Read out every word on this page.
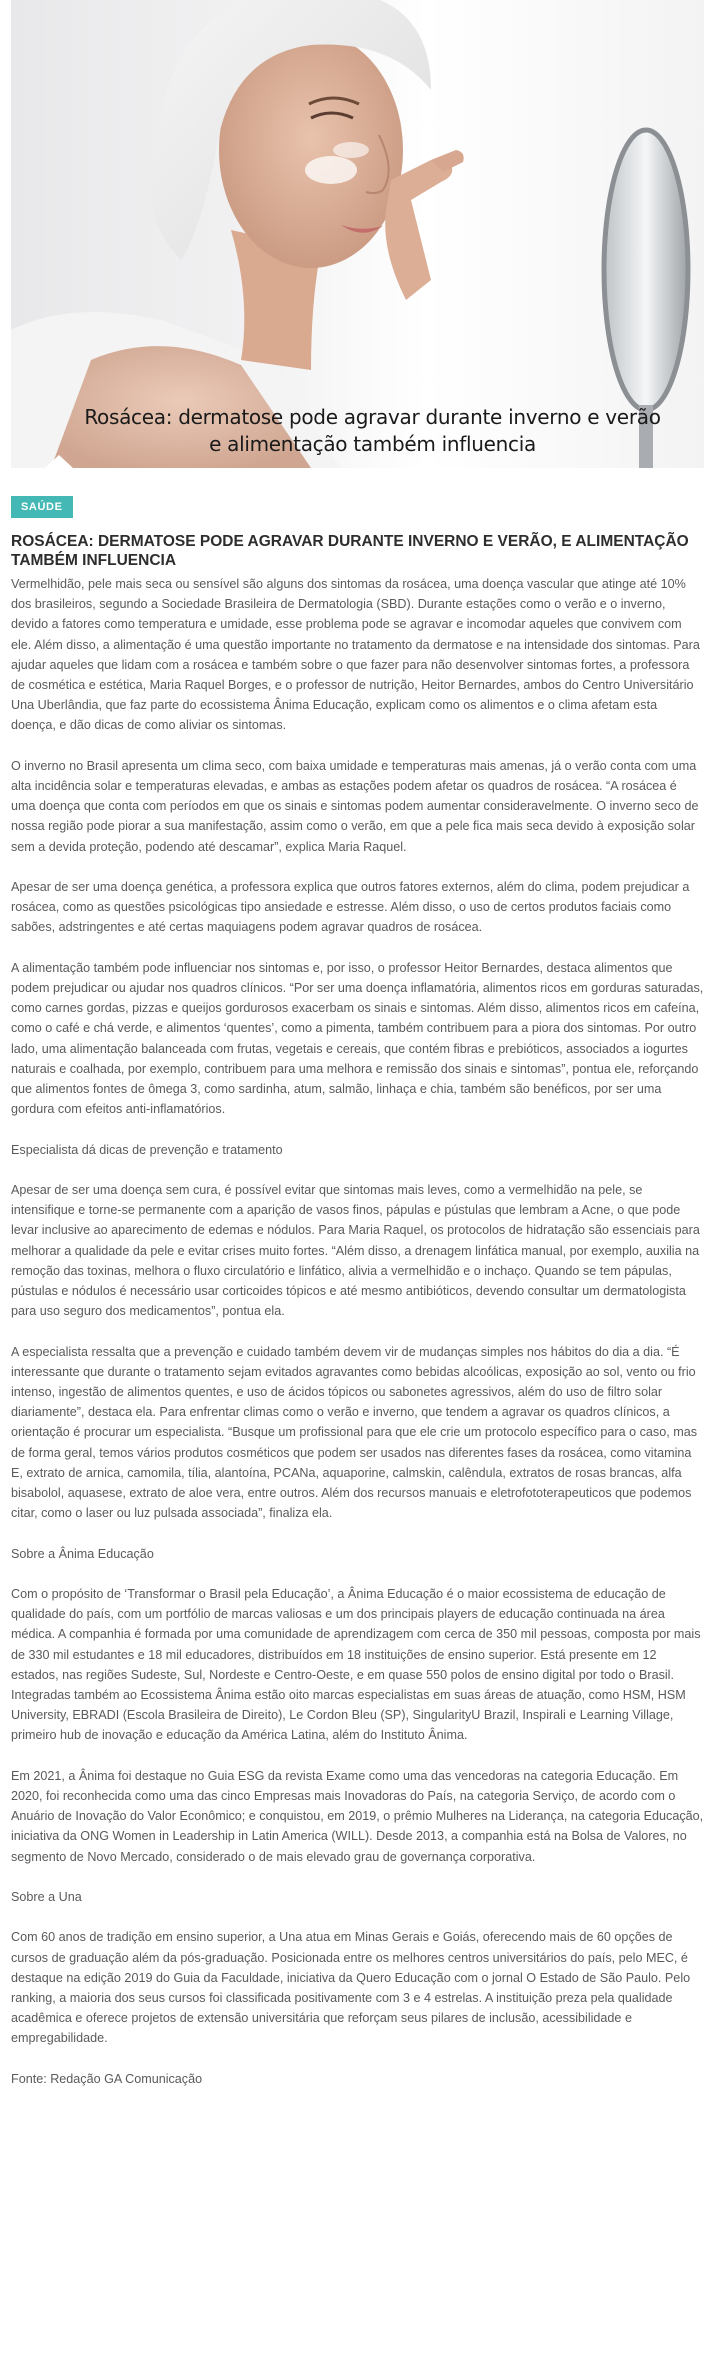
Rosácea: dermatose pode agravar durante inverno e verão
e alimentação também influencia
SAÚDE
ROSÁCEA: DERMATOSE PODE AGRAVAR DURANTE INVERNO E VERÃO, E ALIMENTAÇÃO TAMBÉM INFLUENCIA

Vermelhidão, pele mais seca ou sensível são alguns dos sintomas da rosácea, uma doença vascular que atinge até 10% dos brasileiros, segundo a Sociedade Brasileira de Dermatologia (SBD). Durante estações como o verão e o inverno, devido a fatores como temperatura e umidade, esse problema pode se agravar e incomodar aqueles que convivem com ele. Além disso, a alimentação é uma questão importante no tratamento da dermatose e na intensidade dos sintomas. Para ajudar aqueles que lidam com a rosácea e também sobre o que fazer para não desenvolver sintomas fortes, a professora de cosmética e estética, Maria Raquel Borges, e o professor de nutrição, Heitor Bernardes, ambos do Centro Universitário Una Uberlândia, que faz parte do ecossistema Ânima Educação, explicam como os alimentos e o clima afetam esta doença, e dão dicas de como aliviar os sintomas.

O inverno no Brasil apresenta um clima seco, com baixa umidade e temperaturas mais amenas, já o verão conta com uma alta incidência solar e temperaturas elevadas, e ambas as estações podem afetar os quadros de rosácea. “A rosácea é uma doença que conta com períodos em que os sinais e sintomas podem aumentar consideravelmente. O inverno seco de nossa região pode piorar a sua manifestação, assim como o verão, em que a pele fica mais seca devido à exposição solar sem a devida proteção, podendo até descamar”, explica Maria Raquel.

Apesar de ser uma doença genética, a professora explica que outros fatores externos, além do clima, podem prejudicar a rosácea, como as questões psicológicas tipo ansiedade e estresse. Além disso, o uso de certos produtos faciais como sabões, adstringentes e até certas maquiagens podem agravar quadros de rosácea.

A alimentação também pode influenciar nos sintomas e, por isso, o professor Heitor Bernardes, destaca alimentos que podem prejudicar ou ajudar nos quadros clínicos. “Por ser uma doença inflamatória, alimentos ricos em gorduras saturadas, como carnes gordas, pizzas e queijos gordurosos exacerbam os sinais e sintomas. Além disso, alimentos ricos em cafeína, como o café e chá verde, e alimentos ‘quentes’, como a pimenta, também contribuem para a piora dos sintomas. Por outro lado, uma alimentação balanceada com frutas, vegetais e cereais, que contém fibras e prebióticos, associados a iogurtes naturais e coalhada, por exemplo, contribuem para uma melhora e remissão dos sinais e sintomas”, pontua ele, reforçando que alimentos fontes de ômega 3, como sardinha, atum, salmão, linhaça e chia, também são benéficos, por ser uma gordura com efeitos anti-inflamatórios.

Especialista dá dicas de prevenção e tratamento

Apesar de ser uma doença sem cura, é possível evitar que sintomas mais leves, como a vermelhidão na pele, se intensifique e torne-se permanente com a aparição de vasos finos, pápulas e pústulas que lembram a Acne, o que pode levar inclusive ao aparecimento de edemas e nódulos. Para Maria Raquel, os protocolos de hidratação são essenciais para melhorar a qualidade da pele e evitar crises muito fortes. “Além disso, a drenagem linfática manual, por exemplo, auxilia na remoção das toxinas, melhora o fluxo circulatório e linfático, alivia a vermelhidão e o inchaço. Quando se tem pápulas, pústulas e nódulos é necessário usar corticoides tópicos e até mesmo antibióticos, devendo consultar um dermatologista para uso seguro dos medicamentos”, pontua ela.

A especialista ressalta que a prevenção e cuidado também devem vir de mudanças simples nos hábitos do dia a dia. “É interessante que durante o tratamento sejam evitados agravantes como bebidas alcoólicas, exposição ao sol, vento ou frio intenso, ingestão de alimentos quentes, e uso de ácidos tópicos ou sabonetes agressivos, além do uso de filtro solar diariamente”, destaca ela. Para enfrentar climas como o verão e inverno, que tendem a agravar os quadros clínicos, a orientação é procurar um especialista. “Busque um profissional para que ele crie um protocolo específico para o caso, mas de forma geral, temos vários produtos cosméticos que podem ser usados nas diferentes fases da rosácea, como vitamina E, extrato de arnica, camomila, tília, alantoína, PCANa, aquaporine, calmskin, calêndula, extratos de rosas brancas, alfa bisabolol, aquasese, extrato de aloe vera, entre outros. Além dos recursos manuais e eletrofototerapeuticos que podemos citar, como o laser ou luz pulsada associada”, finaliza ela.

Sobre a Ânima Educação

Com o propósito de ‘Transformar o Brasil pela Educação’, a Ânima Educação é o maior ecossistema de educação de qualidade do país, com um portfólio de marcas valiosas e um dos principais players de educação continuada na área médica. A companhia é formada por uma comunidade de aprendizagem com cerca de 350 mil pessoas, composta por mais de 330 mil estudantes e 18 mil educadores, distribuídos em 18 instituições de ensino superior. Está presente em 12 estados, nas regiões Sudeste, Sul, Nordeste e Centro-Oeste, e em quase 550 polos de ensino digital por todo o Brasil. Integradas também ao Ecossistema Ânima estão oito marcas especialistas em suas áreas de atuação, como HSM, HSM University, EBRADI (Escola Brasileira de Direito), Le Cordon Bleu (SP), SingularityU Brazil, Inspirali e Learning Village, primeiro hub de inovação e educação da América Latina, além do Instituto Ânima.

Em 2021, a Ânima foi destaque no Guia ESG da revista Exame como uma das vencedoras na categoria Educação. Em 2020, foi reconhecida como uma das cinco Empresas mais Inovadoras do País, na categoria Serviço, de acordo com o Anuário de Inovação do Valor Econômico; e conquistou, em 2019, o prêmio Mulheres na Liderança, na categoria Educação, iniciativa da ONG Women in Leadership in Latin America (WILL). Desde 2013, a companhia está na Bolsa de Valores, no segmento de Novo Mercado, considerado o de mais elevado grau de governança corporativa.

Sobre a Una

Com 60 anos de tradição em ensino superior, a Una atua em Minas Gerais e Goiás, oferecendo mais de 60 opções de cursos de graduação além da pós-graduação. Posicionada entre os melhores centros universitários do país, pelo MEC, é destaque na edição 2019 do Guia da Faculdade, iniciativa da Quero Educação com o jornal O Estado de São Paulo. Pelo ranking, a maioria dos seus cursos foi classificada positivamente com 3 e 4 estrelas. A instituição preza pela qualidade acadêmica e oferece projetos de extensão universitária que reforçam seus pilares de inclusão, acessibilidade e empregabilidade.

Fonte: Redação GA Comunicação
